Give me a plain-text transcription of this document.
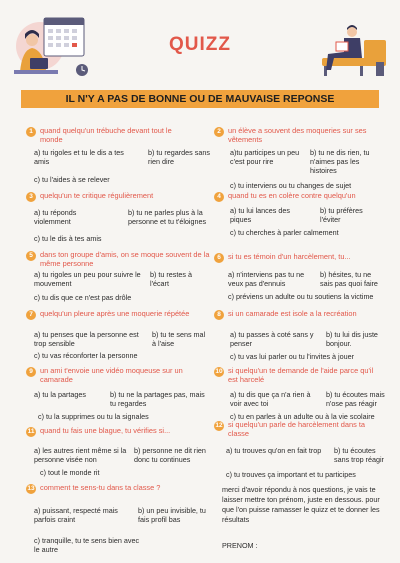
QUIZZ
IL N'Y A PAS DE BONNE OU DE MAUVAISE REPONSE
1 quand quelqu'un trébuche devant tout le monde
a) tu rigoles et tu le dis a tes amis
b) tu regardes sans rien dire
c) tu l'aides à se relever
2 un élève a souvent des moqueries sur ses vêtements
a)tu participes un peu c'est pour rire
b) tu ne dis rien, tu n'aimes pas les histoires
c) tu interviens ou tu changes de sujet
3 quelqu'un te critique régulièrement
a) tu réponds violemment
b) tu ne parles plus à la personne et tu t'éloignes
c) tu le dis à tes amis
4 quand tu es en colère contre quelqu'un
a) tu lui lances des piques
b) tu préfères l'éviter
c) tu cherches à parler calmement
5 dans ton groupe d'amis, on se moque souvent de la même personne
a) tu rigoles un peu pour suivre le mouvement
b) tu restes à l'écart
c) tu dis que ce n'est pas drôle
6 si tu es témoin d'un harcèlement, tu...
a) n'interviens pas tu ne veux pas d'ennuis
b) hésites, tu ne sais pas quoi faire
c) préviens un adulte ou tu soutiens la victime
7 quelqu'un pleure après une moquerie répétée
a) tu penses que la personne est trop sensible
b) tu te sens mal à l'aise
c) tu vas réconforter la personne
8 si un camarade est isole a la recréation
a) tu passes à coté sans y penser
b) tu lui dis juste bonjour.
c) tu vas lui parler ou tu l'invites à jouer
9 un ami t'envoie une vidéo moqueuse sur un camarade
a) tu la partages	b) tu ne la partages pas, mais tu regardes
c) tu la supprimes ou tu la signales
10 si quelqu'un te demande de l'aide parce qu'il est harcelé
a) tu dis que ça n'a rien à voir avec toi
b) tu écoutes mais n'ose pas réagir
c) tu en parles à un adulte ou à la vie scolaire
11 quand tu fais une blague, tu vérifies si...
a) les autres rient même si la personne visée non
b) personne ne dit rien donc tu continues
c) tout le monde rit
12 si quelqu'un parle de harcèlement dans ta classe
a) tu trouves qu'on en fait trop b) tu écoutes sans trop réagir
c) tu trouves ça important et tu participes
13 comment te sens-tu dans ta classe ?
a) puissant, respecté mais parfois craint
b) un peu invisible, tu fais profil bas
c) tranquille, tu te sens bien avec le autre
merci d'avoir répondu à nos questions, je vais te laisser mettre ton prénom, juste en dessous. pour que l'on puisse ramasser le quizz et te donner les résultats
PRENOM :
